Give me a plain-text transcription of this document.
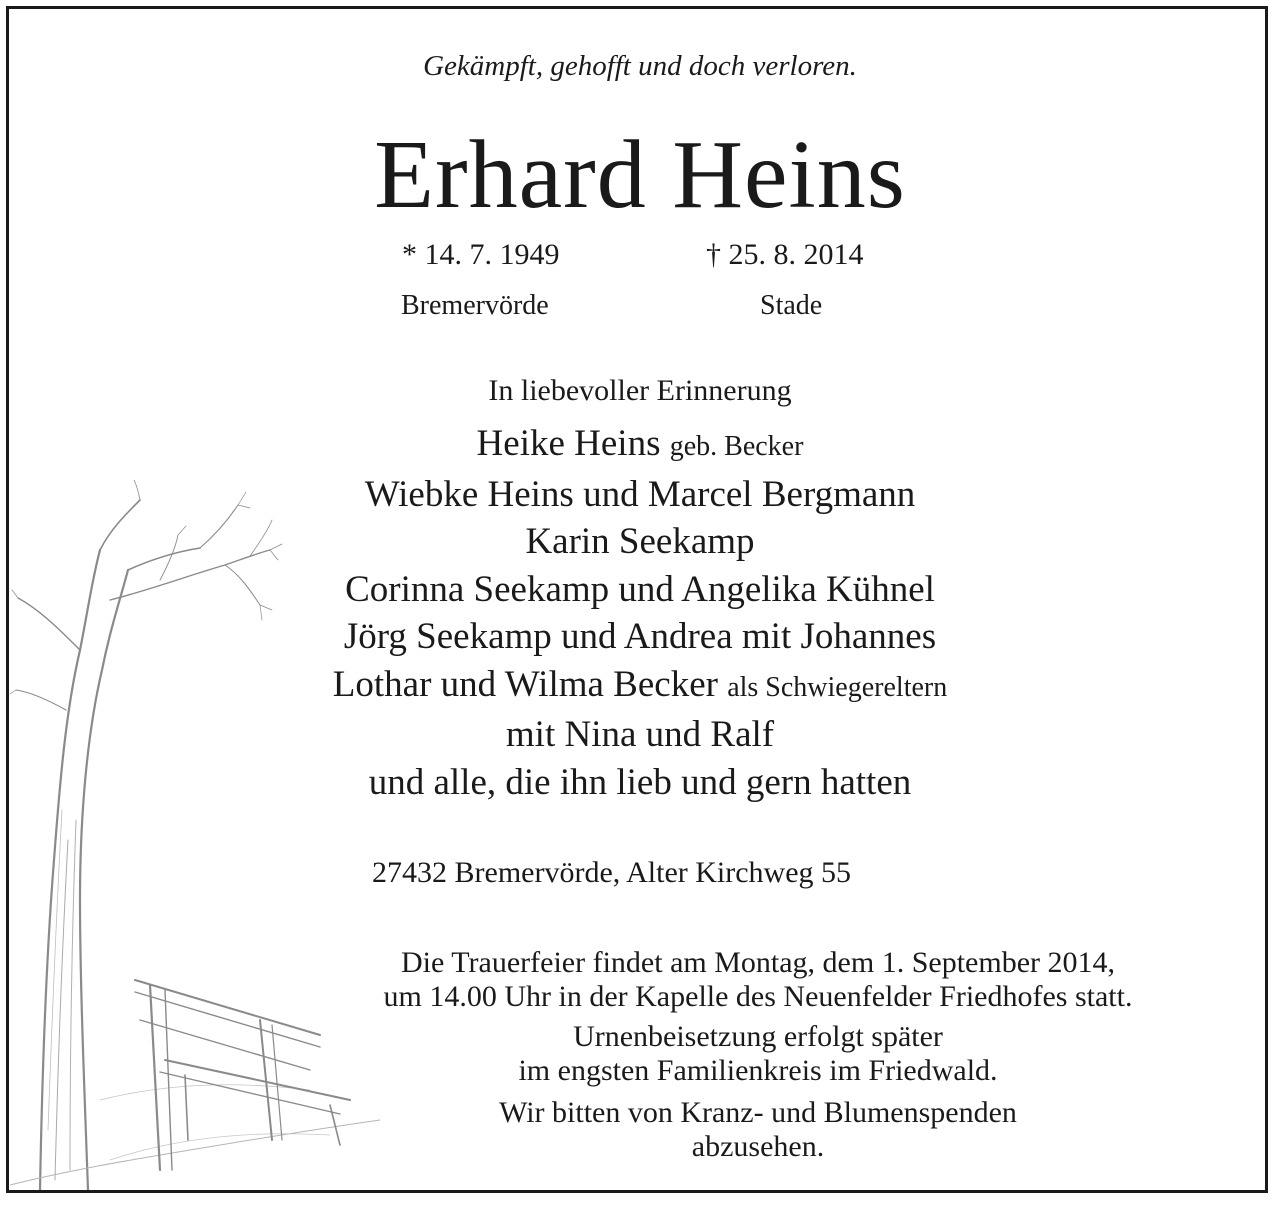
Gekämpft, gehofft und doch verloren.
Erhard Heins
* 14. 7. 1949	† 25. 8. 2014
Bremervörde	Stade
In liebevoller Erinnerung
Heike Heins geb. Becker
Wiebke Heins und Marcel Bergmann
Karin Seekamp
Corinna Seekamp und Angelika Kühnel
Jörg Seekamp und Andrea mit Johannes
Lothar und Wilma Becker als Schwiegereltern
mit Nina und Ralf
und alle, die ihn lieb und gern hatten
27432 Bremervörde, Alter Kirchweg 55
Die Trauerfeier findet am Montag, dem 1. September 2014,
um 14.00 Uhr in der Kapelle des Neuenfelder Friedhofes statt.
Urnenbeisetzung erfolgt später
im engsten Familienkreis im Friedwald.
Wir bitten von Kranz- und Blumenspenden
abzusehen.
